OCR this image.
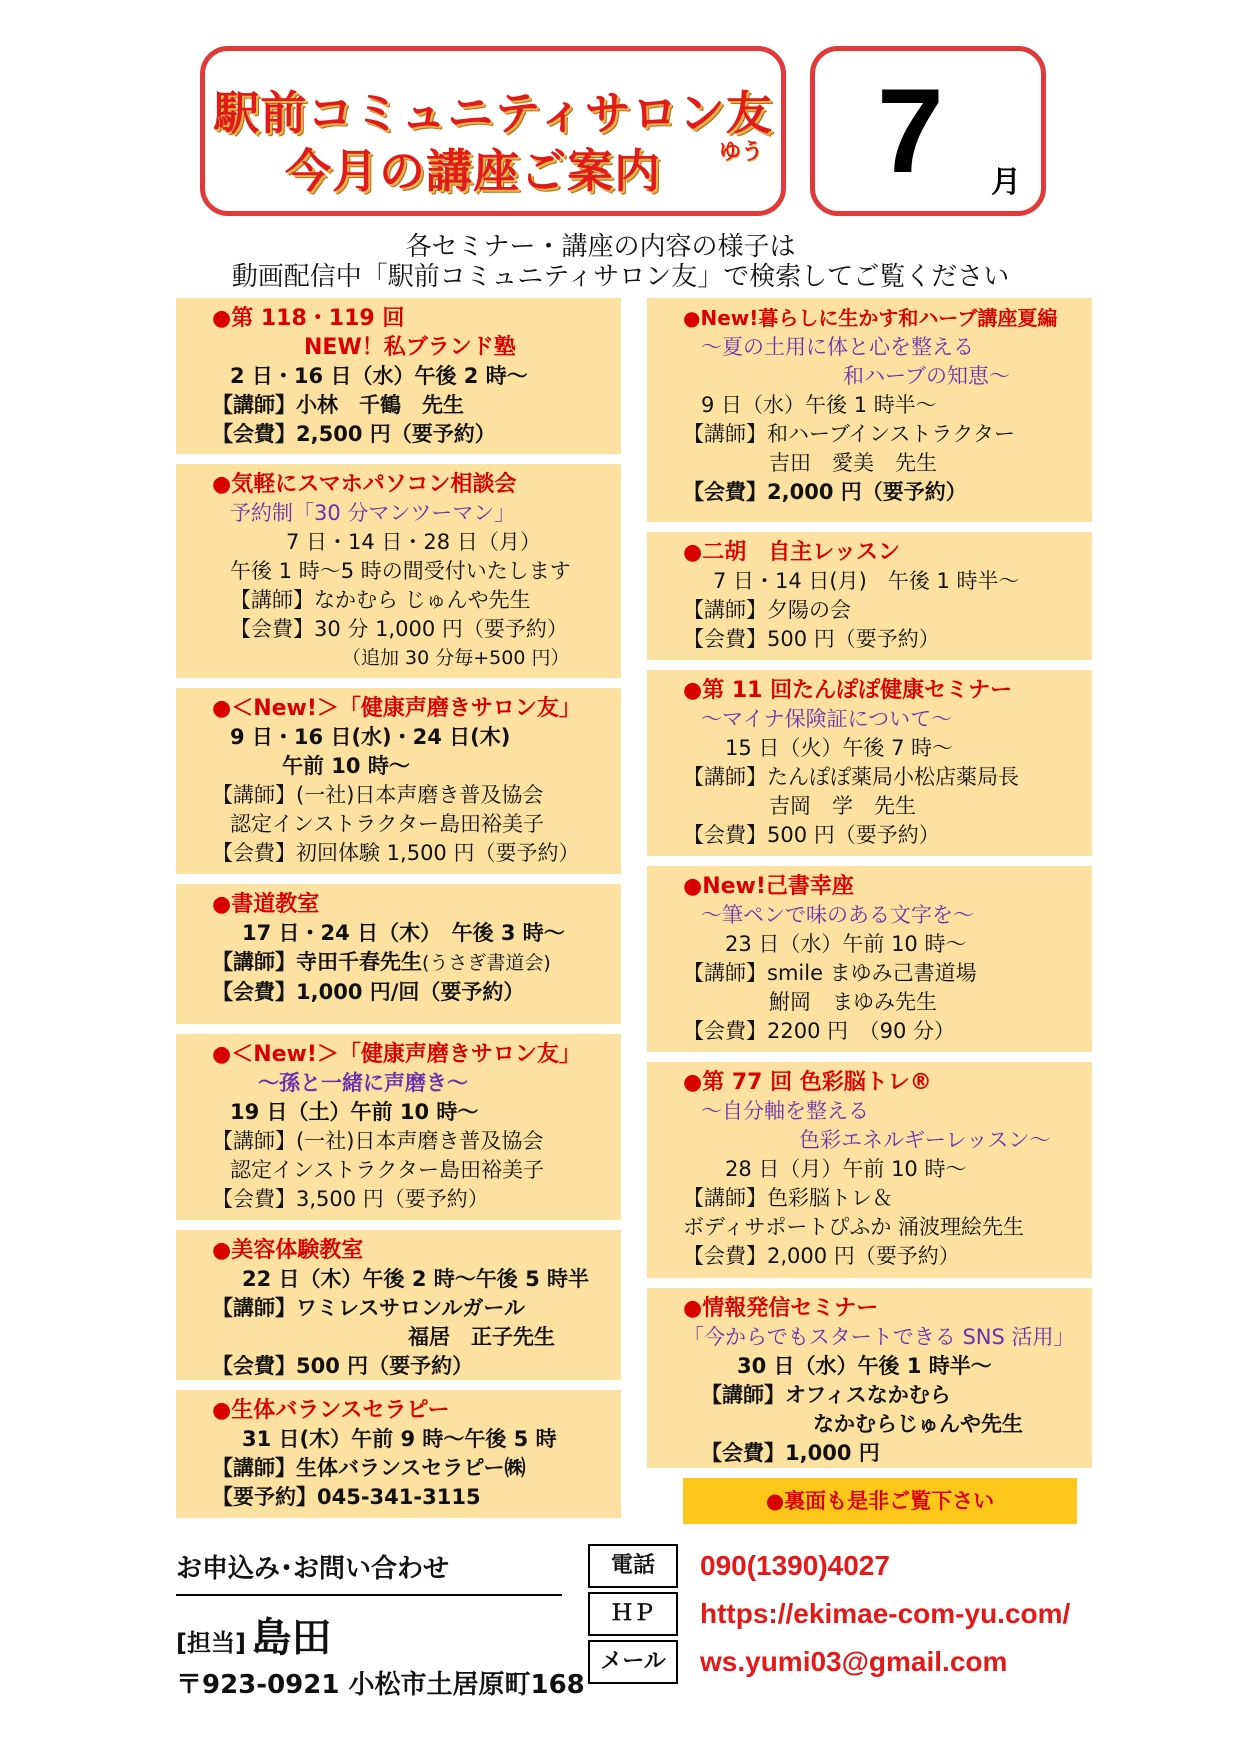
駅前コミュニティサロン友
今月の講座ご案内	ゆう 7 月
各セミナー・講座の内容の様子は
動画配信中「駅前コミュニティサロン友」で検索してご覧ください
●第 118・119 回
NEW！私ブランド塾
2 日・16 日（水）午後 2 時～
【講師】小林　千鶴　先生
【会費】2,500 円（要予約）
●気軽にスマホパソコン相談会
予約制「30 分マンツーマン」
7 日・14 日・28 日（月）
午後 1 時～5 時の間受付いたします
【講師】なかむら じゅんや先生
【会費】30 分 1,000 円（要予約）
（追加 30 分毎+500 円）
●＜New!＞「健康声磨きサロン友」
9 日・16 日(水)・24 日(木)
午前 10 時～
【講師】(一社)日本声磨き普及協会
認定インストラクター島田裕美子
【会費】初回体験 1,500 円（要予約）
●書道教室
17 日・24 日（木）　午後 3 時～
【講師】寺田千春先生(うさぎ書道会)
【会費】1,000 円/回（要予約）
●＜New!＞「健康声磨きサロン友」
～孫と一緒に声磨き～
19 日（土）午前 10 時～
【講師】(一社)日本声磨き普及協会
認定インストラクター島田裕美子
【会費】3,500 円（要予約）
●美容体験教室
22 日（木）午後 2 時～午後 5 時半
【講師】ワミレスサロンルガール
福居　正子先生
【会費】500 円（要予約）
●生体バランスセラピー
31 日(木）午前 9 時～午後 5 時
【講師】生体バランスセラピー㈱
【要予約】045-341-3115
●New!暮らしに生かす和ハーブ講座夏編
～夏の土用に体と心を整える
和ハーブの知恵～
9 日（水）午後 1 時半～
【講師】和ハーブインストラクター
吉田　愛美　先生
【会費】2,000 円（要予約）
●二胡　自主レッスン
7 日・14 日(月)　午後 1 時半～
【講師】夕陽の会
【会費】500 円（要予約）
●第 11 回たんぽぽ健康セミナー
～マイナ保険証について～
15 日（火）午後 7 時～
【講師】たんぽぽ薬局小松店薬局長
吉岡　学　先生
【会費】500 円（要予約）
●New!己書幸座
～筆ペンで味のある文字を～
23 日（水）午前 10 時～
【講師】smile まゆみ己書道場
鮒岡　まゆみ先生
【会費】2200 円　（90 分）
●第 77 回 色彩脳トレ®
～自分軸を整える
色彩エネルギーレッスン～
28 日（月）午前 10 時～
【講師】色彩脳トレ＆
ボディサポートぴふか 涌波理絵先生
【会費】2,000 円（要予約）
●情報発信セミナー
「今からでもスタートできる SNS 活用」
30 日（水）午後 1 時半～
【講師】オフィスなかむら
なかむらじゅんや先生
【会費】1,000 円
●裏面も是非ご覧下さい
お申込み･お問い合わせ
[担当] 島田
〒923-0921 小松市土居原町168
電話	090(1390)4027
ＨＰ	https://ekimae-com-yu.com/
メール	ws.yumi03@gmail.com
